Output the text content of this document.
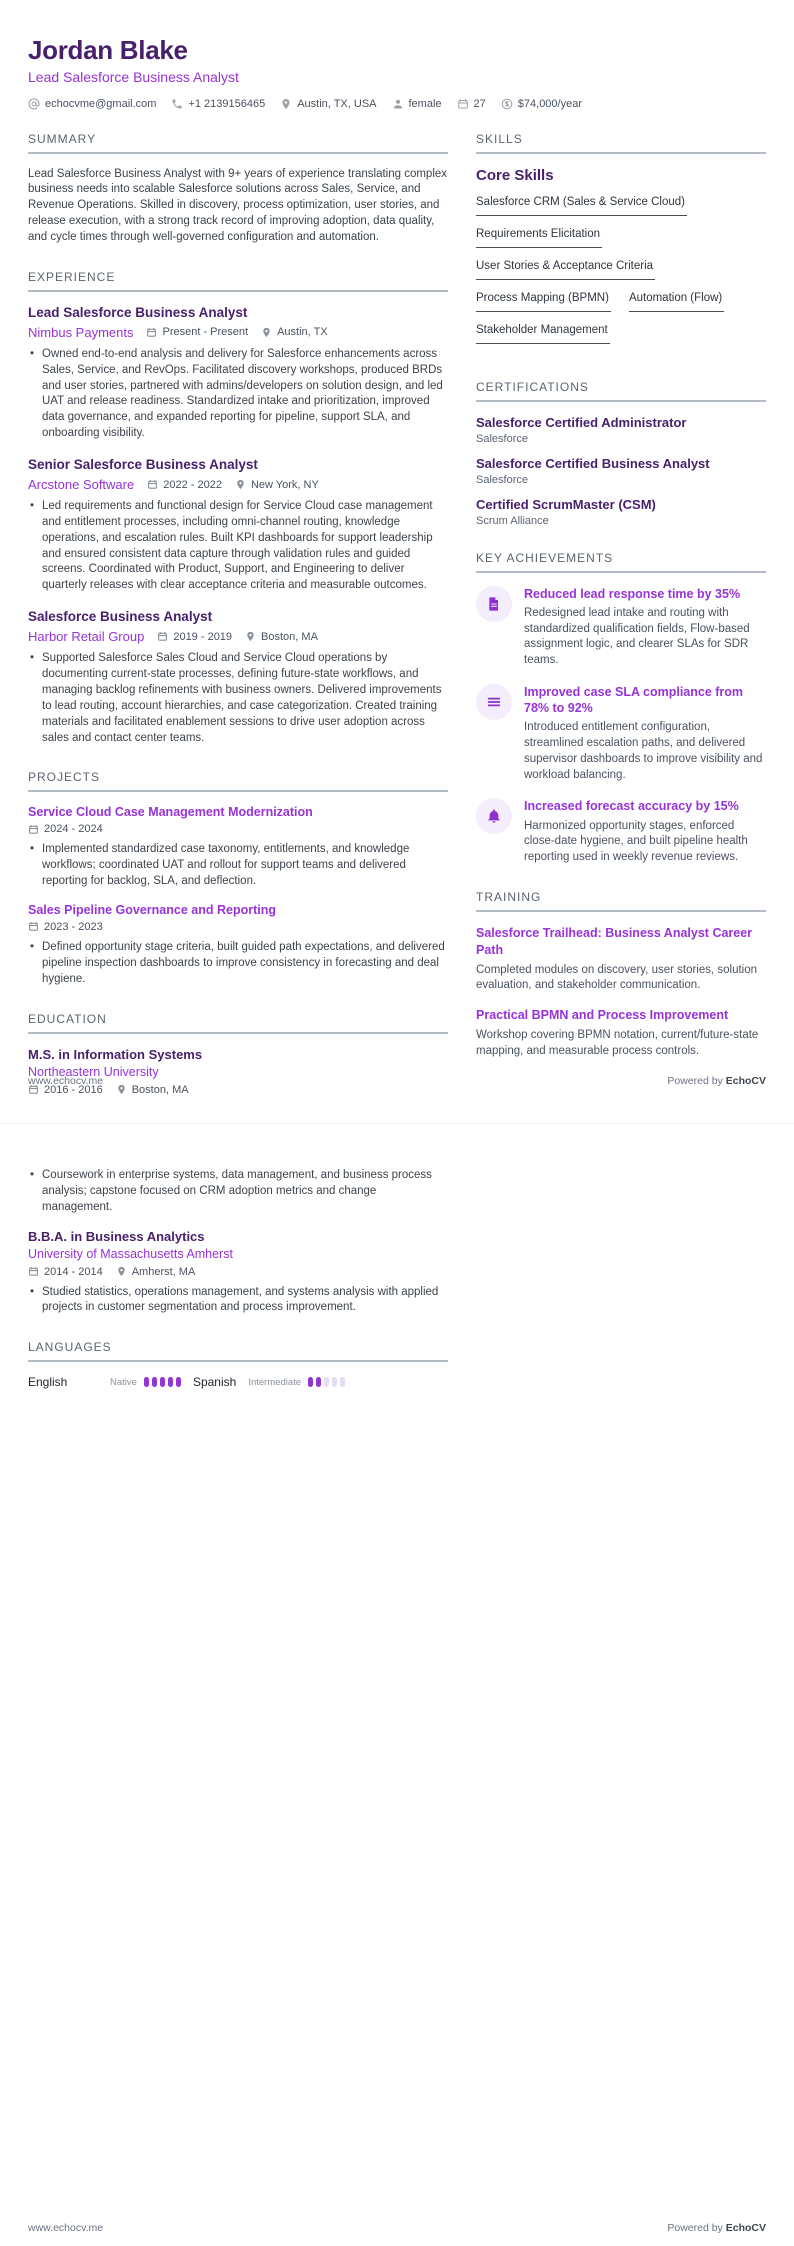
Jordan Blake
Lead Salesforce Business Analyst
echocvme@gmail.com	+1 2139156465	Austin, TX, USA	female	27	$74,000/year
SUMMARY
Lead Salesforce Business Analyst with 9+ years of experience translating complex business needs into scalable Salesforce solutions across Sales, Service, and Revenue Operations. Skilled in discovery, process optimization, user stories, and release execution, with a strong track record of improving adoption, data quality, and cycle times through well-governed configuration and automation.
EXPERIENCE
Lead Salesforce Business Analyst
Nimbus Payments	Present - Present	Austin, TX
• Owned end-to-end analysis and delivery for Salesforce enhancements across Sales, Service, and RevOps. Facilitated discovery workshops, produced BRDs and user stories, partnered with admins/developers on solution design, and led UAT and release readiness. Standardized intake and prioritization, improved data governance, and expanded reporting for pipeline, support SLA, and onboarding visibility.
Senior Salesforce Business Analyst
Arcstone Software	2022 - 2022	New York, NY
• Led requirements and functional design for Service Cloud case management and entitlement processes, including omni-channel routing, knowledge operations, and escalation rules. Built KPI dashboards for support leadership and ensured consistent data capture through validation rules and guided screens. Coordinated with Product, Support, and Engineering to deliver quarterly releases with clear acceptance criteria and measurable outcomes.
Salesforce Business Analyst
Harbor Retail Group	2019 - 2019	Boston, MA
• Supported Salesforce Sales Cloud and Service Cloud operations by documenting current-state processes, defining future-state workflows, and managing backlog refinements with business owners. Delivered improvements to lead routing, account hierarchies, and case categorization. Created training materials and facilitated enablement sessions to drive user adoption across sales and contact center teams.
PROJECTS
Service Cloud Case Management Modernization
2024 - 2024
• Implemented standardized case taxonomy, entitlements, and knowledge workflows; coordinated UAT and rollout for support teams and delivered reporting for backlog, SLA, and deflection.
Sales Pipeline Governance and Reporting
2023 - 2023
• Defined opportunity stage criteria, built guided path expectations, and delivered pipeline inspection dashboards to improve consistency in forecasting and deal hygiene.
EDUCATION
M.S. in Information Systems
Northeastern University
2016 - 2016	Boston, MA
SKILLS
Core Skills
Salesforce CRM (Sales & Service Cloud)
Requirements Elicitation
User Stories & Acceptance Criteria
Process Mapping (BPMN) Automation (Flow)
Stakeholder Management
CERTIFICATIONS
Salesforce Certified Administrator
Salesforce
Salesforce Certified Business Analyst
Salesforce
Certified ScrumMaster (CSM)
Scrum Alliance
KEY ACHIEVEMENTS
Reduced lead response time by 35%
Redesigned lead intake and routing with standardized qualification fields, Flow-based assignment logic, and clearer SLAs for SDR teams.
Improved case SLA compliance from 78% to 92%
Introduced entitlement configuration, streamlined escalation paths, and delivered supervisor dashboards to improve visibility and workload balancing.
Increased forecast accuracy by 15%
Harmonized opportunity stages, enforced close-date hygiene, and built pipeline health reporting used in weekly revenue reviews.
TRAINING
Salesforce Trailhead: Business Analyst Career Path
Completed modules on discovery, user stories, solution evaluation, and stakeholder communication.
Practical BPMN and Process Improvement
Workshop covering BPMN notation, current/future-state mapping, and measurable process controls.
www.echocv.me	Powered by EchoCV
• Coursework in enterprise systems, data management, and business process analysis; capstone focused on CRM adoption metrics and change management.
B.B.A. in Business Analytics
University of Massachusetts Amherst
2014 - 2014	Amherst, MA
• Studied statistics, operations management, and systems analysis with applied projects in customer segmentation and process improvement.
LANGUAGES
English	Native	Spanish Intermediate
www.echocv.me	Powered by EchoCV
